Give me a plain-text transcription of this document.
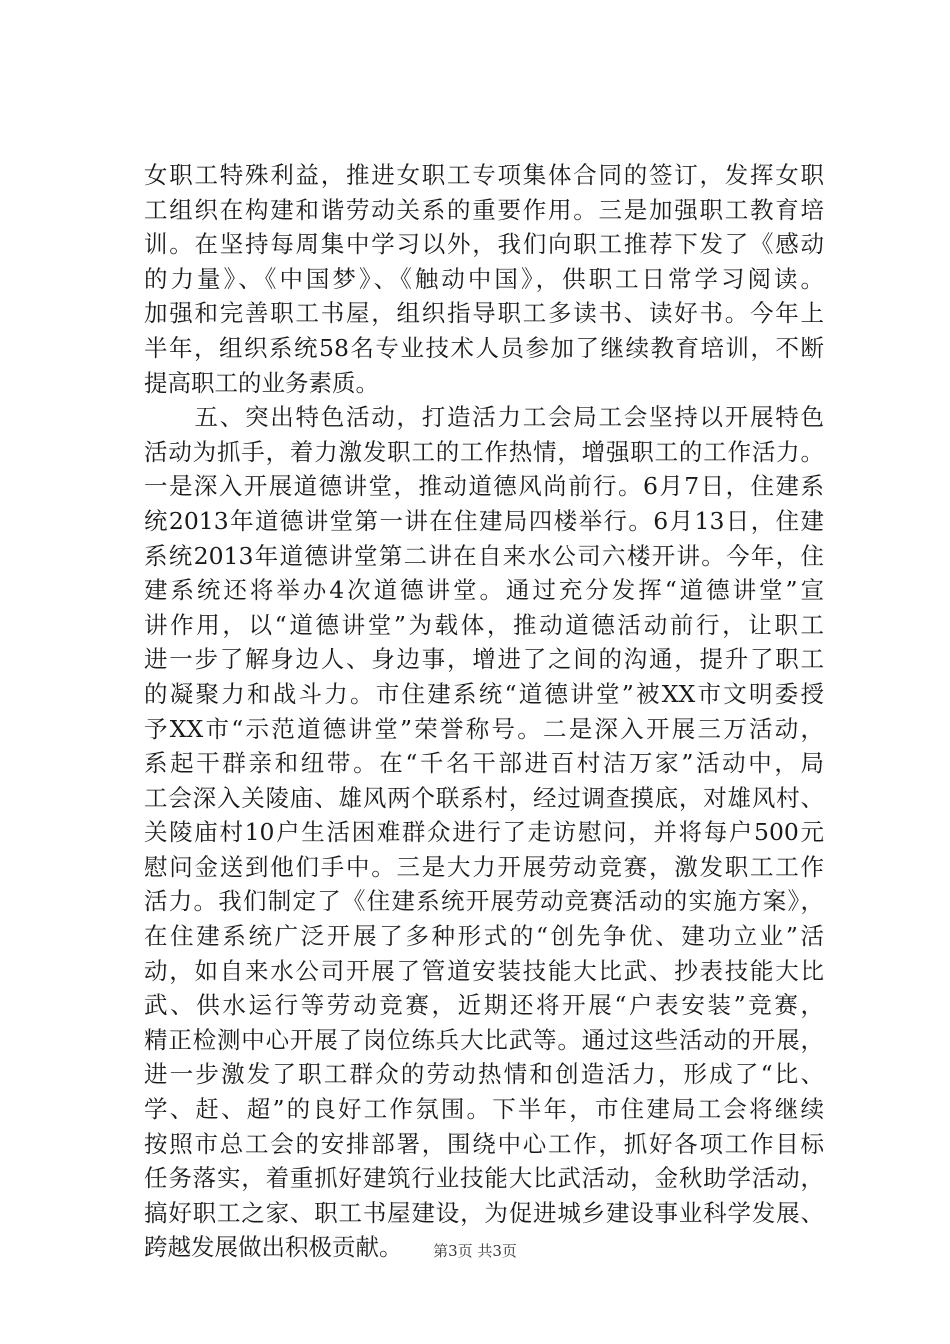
女职工特殊利益，推进女职工专项集体合同的签订，发挥女职
工组织在构建和谐劳动关系的重要作用。三是加强职工教育培
训。在坚持每周集中学习以外，我们向职工推荐下发了《感动
的力量》、《中国梦》、《触动中国》，供职工日常学习阅读。
加强和完善职工书屋，组织指导职工多读书、读好书。今年上
半年，组织系统58名专业技术人员参加了继续教育培训，不断
提高职工的业务素质。
　　五、突出特色活动，打造活力工会局工会坚持以开展特色
活动为抓手，着力激发职工的工作热情，增强职工的工作活力。
一是深入开展道德讲堂，推动道德风尚前行。6月7日，住建系
统2013年道德讲堂第一讲在住建局四楼举行。6月13日，住建
系统2013年道德讲堂第二讲在自来水公司六楼开讲。今年，住
建系统还将举办4次道德讲堂。通过充分发挥“道德讲堂”宣
讲作用，以“道德讲堂”为载体，推动道德活动前行，让职工
进一步了解身边人、身边事，增进了之间的沟通，提升了职工
的凝聚力和战斗力。市住建系统“道德讲堂”被XX市文明委授
予XX市“示范道德讲堂”荣誉称号。二是深入开展三万活动，
系起干群亲和纽带。在“千名干部进百村洁万家”活动中，局
工会深入关陵庙、雄风两个联系村，经过调查摸底，对雄风村、
关陵庙村10户生活困难群众进行了走访慰问，并将每户500元
慰问金送到他们手中。三是大力开展劳动竞赛，激发职工工作
活力。我们制定了《住建系统开展劳动竞赛活动的实施方案》，
在住建系统广泛开展了多种形式的“创先争优、建功立业”活
动，如自来水公司开展了管道安装技能大比武、抄表技能大比
武、供水运行等劳动竞赛，近期还将开展“户表安装”竞赛，
精正检测中心开展了岗位练兵大比武等。通过这些活动的开展，
进一步激发了职工群众的劳动热情和创造活力，形成了“比、
学、赶、超”的良好工作氛围。下半年，市住建局工会将继续
按照市总工会的安排部署，围绕中心工作，抓好各项工作目标
任务落实，着重抓好建筑行业技能大比武活动，金秋助学活动，
搞好职工之家、职工书屋建设，为促进城乡建设事业科学发展、
跨越发展做出积极贡献。	第3页 共3页
